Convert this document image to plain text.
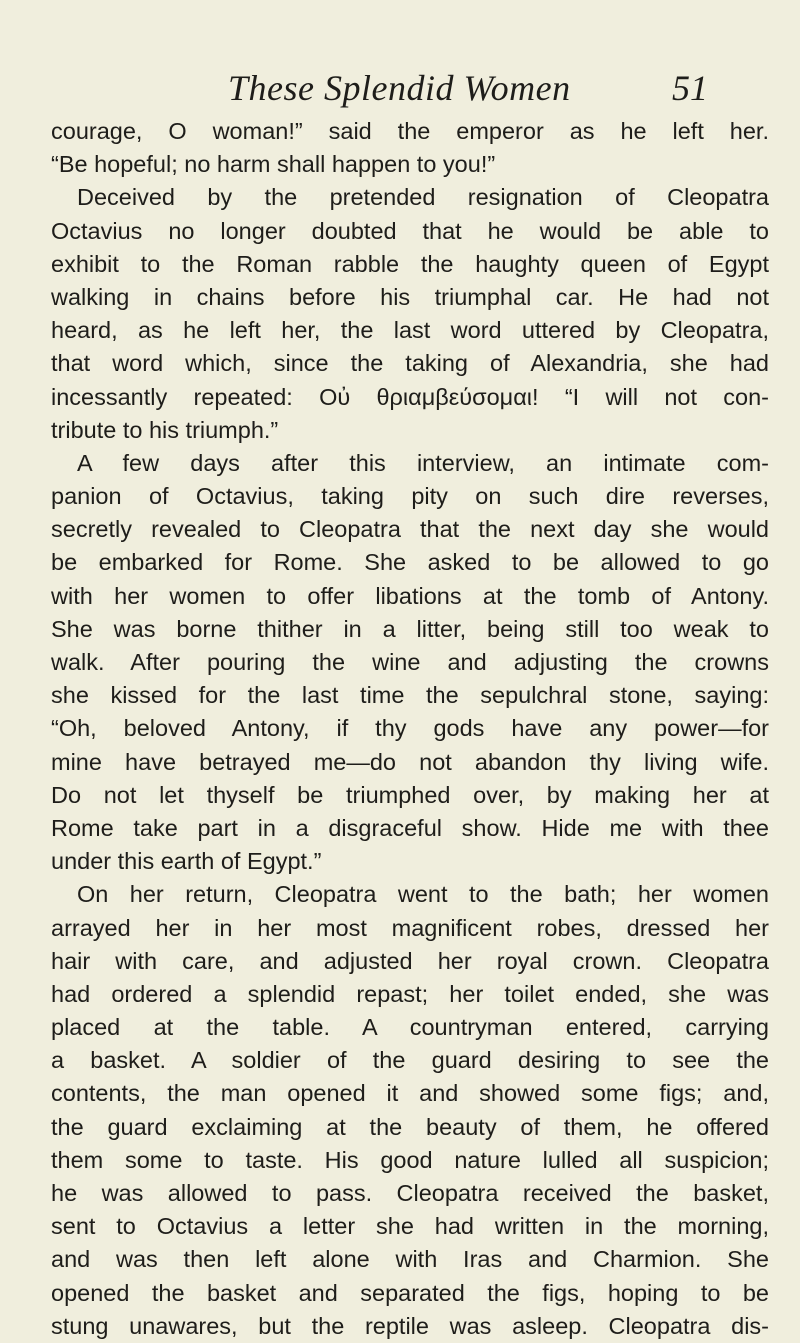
These Splendid Women	51
courage, O woman!” said the emperor as he left her.
“Be hopeful; no harm shall happen to you!”
Deceived by the pretended resignation of Cleopatra
Octavius no longer doubted that he would be able to
exhibit to the Roman rabble the haughty queen of Egypt
walking in chains before his triumphal car. He had not
heard, as he left her, the last word uttered by Cleopatra,
that word which, since the taking of Alexandria, she had
incessantly repeated: Οὐ θριαμβεύσομαι! “I will not con-
tribute to his triumph.”
A few days after this interview, an intimate com-
panion of Octavius, taking pity on such dire reverses,
secretly revealed to Cleopatra that the next day she would
be embarked for Rome. She asked to be allowed to go
with her women to offer libations at the tomb of Antony.
She was borne thither in a litter, being still too weak to
walk. After pouring the wine and adjusting the crowns
she kissed for the last time the sepulchral stone, saying:
“Oh, beloved Antony, if thy gods have any power—for
mine have betrayed me—do not abandon thy living wife.
Do not let thyself be triumphed over, by making her at
Rome take part in a disgraceful show. Hide me with thee
under this earth of Egypt.”
On her return, Cleopatra went to the bath; her women
arrayed her in her most magnificent robes, dressed her
hair with care, and adjusted her royal crown. Cleopatra
had ordered a splendid repast; her toilet ended, she was
placed at the table. A countryman entered, carrying
a basket. A soldier of the guard desiring to see the
contents, the man opened it and showed some figs; and,
the guard exclaiming at the beauty of them, he offered
them some to taste. His good nature lulled all suspicion;
he was allowed to pass. Cleopatra received the basket,
sent to Octavius a letter she had written in the morning,
and was then left alone with Iras and Charmion. She
opened the basket and separated the figs, hoping to be
stung unawares, but the reptile was asleep. Cleopatra dis-
